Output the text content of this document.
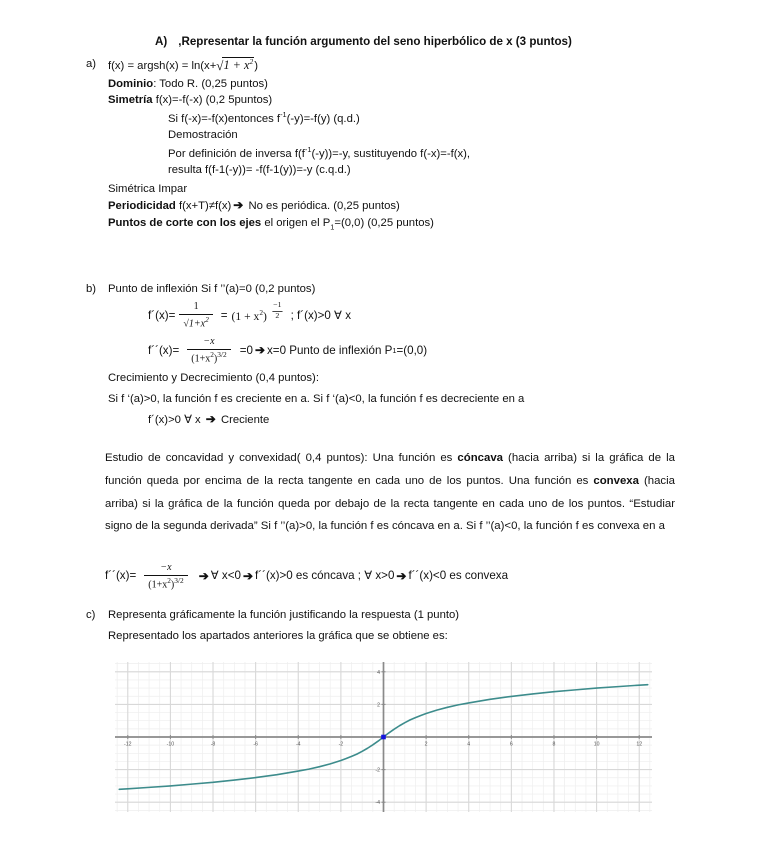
A) ,Representar la función argumento del seno hiperbólico de x (3 puntos)
a)	f(x) = argsh(x) = $\ln(x+√1 + x^2)$
Dominio: Todo R. (0,25 puntos)
Simetría f(x)=-f(-x) (0,2 5puntos)
Si f(-x)=-f(x)entonces $f^{-1}(-y)=-f(y)$ (q.d.)
Demostración
Por definición de inversa $f(f^{-1}(-y))=-y$, sustituyendo f(-x)=-f(x),
resulta f(f-1(-y))= -f(f-1(y))=-y (c.q.d.)
Simétrica Impar
Periodicidad f(x+T)≠f(x) ➔ No es periódica. (0,25 puntos)
Puntos de corte con los ejes el origen el $P_1=(0,0)$ (0,25 puntos)
b)	Punto de inflexión Si f ’’(a)=0 (0,2 puntos)
f´(x)= $\frac{1}{√1+x^2} = (1 + x^2) \frac{-1}{2}$ ; f´(x)>0 ∀ x
f´´(x)= $\frac{-x}{(1+x^2)^{3/2}} =0$ ➔ x=0 Punto de inflexión P 1 =(0,0)
Crecimiento y Decrecimiento (0,4 puntos):
Si f ‘(a)>0, la función f es creciente en a. Si f ‘(a)<0, la función f es decreciente en a
f´(x)>0 ∀ x ➔ Creciente
Estudio de concavidad y convexidad( 0,4 puntos): Una función es cóncava (hacia arriba) si la gráfica de la función queda por encima de la recta tangente en cada uno de los puntos. Una función es convexa (hacia arriba) si la gráfica de la función queda por debajo de la recta tangente en cada uno de los puntos. “Estudiar signo de la segunda derivada” Si f ’’(a)>0, la función f es cóncava en a. Si f ’’(a)<0, la función f es convexa en a
f´´(x)= $\frac{-x}{(1+x^2)^{3/2}}$ ➔ ∀ x<0 ➔ f´´(x)>0 es cóncava ; ∀ x>0 ➔ f´´(x)<0 es convexa
c)	Representa gráficamente la función justificando la respuesta (1 punto)
Representado los apartados anteriores la gráfica que se obtiene es:
-12	-10	-8	-6	-4	-2	2	4	6	8	10	12
4
2
-2
-4
